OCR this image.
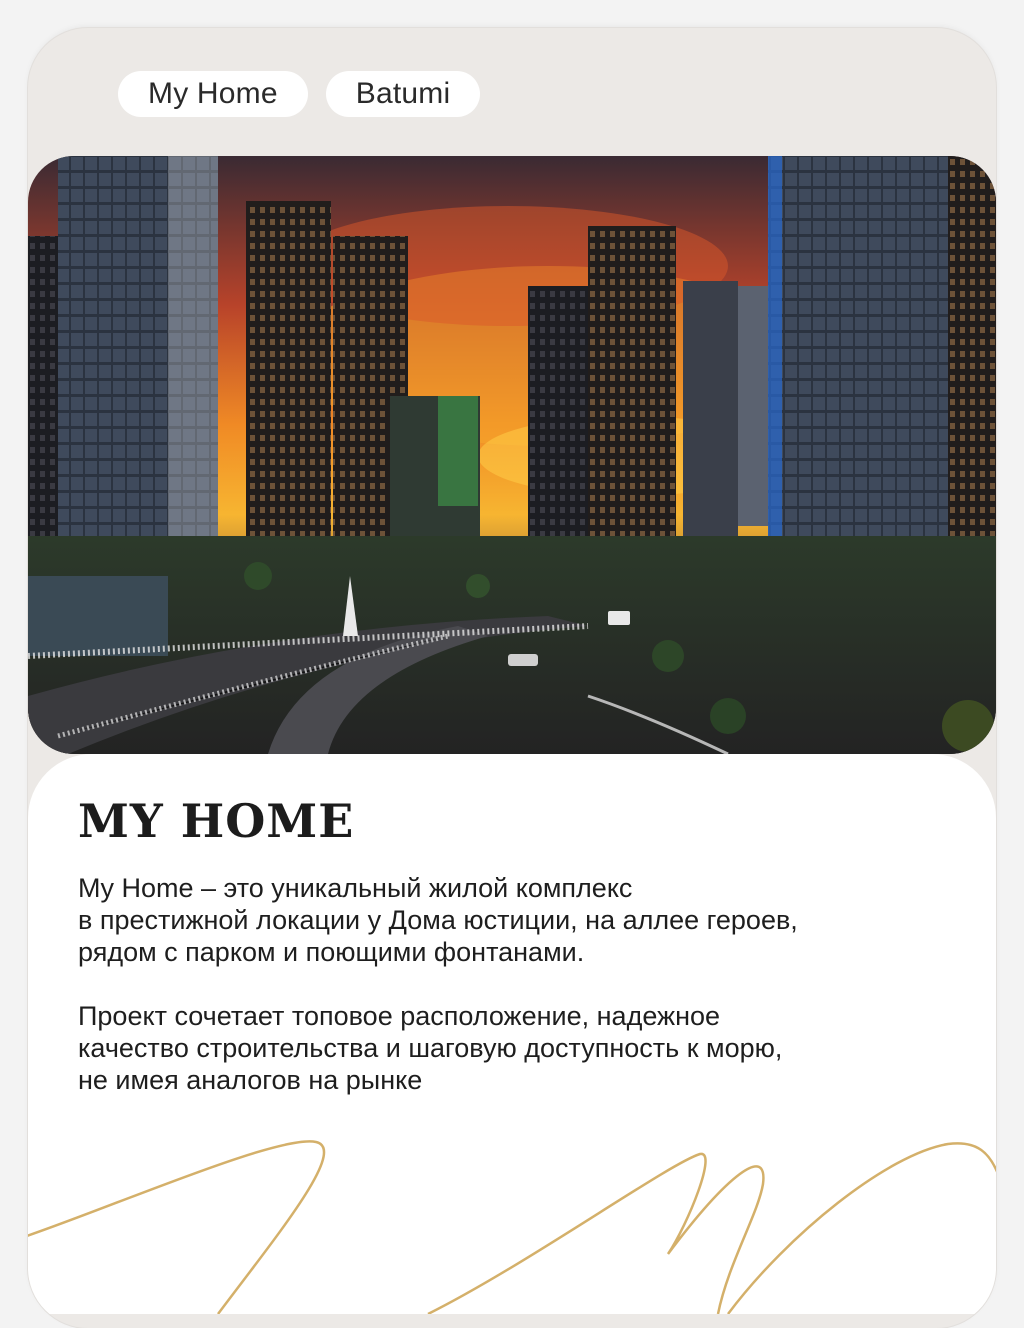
My Home	Batumi
MY HOME

My Home – это уникальный жилой комплекс
в престижной локации у Дома юстиции, на аллее героев,
рядом с парком и поющими фонтанами.

Проект сочетает топовое расположение, надежное
качество строительства и шаговую доступность к морю,
не имея аналогов на рынке
